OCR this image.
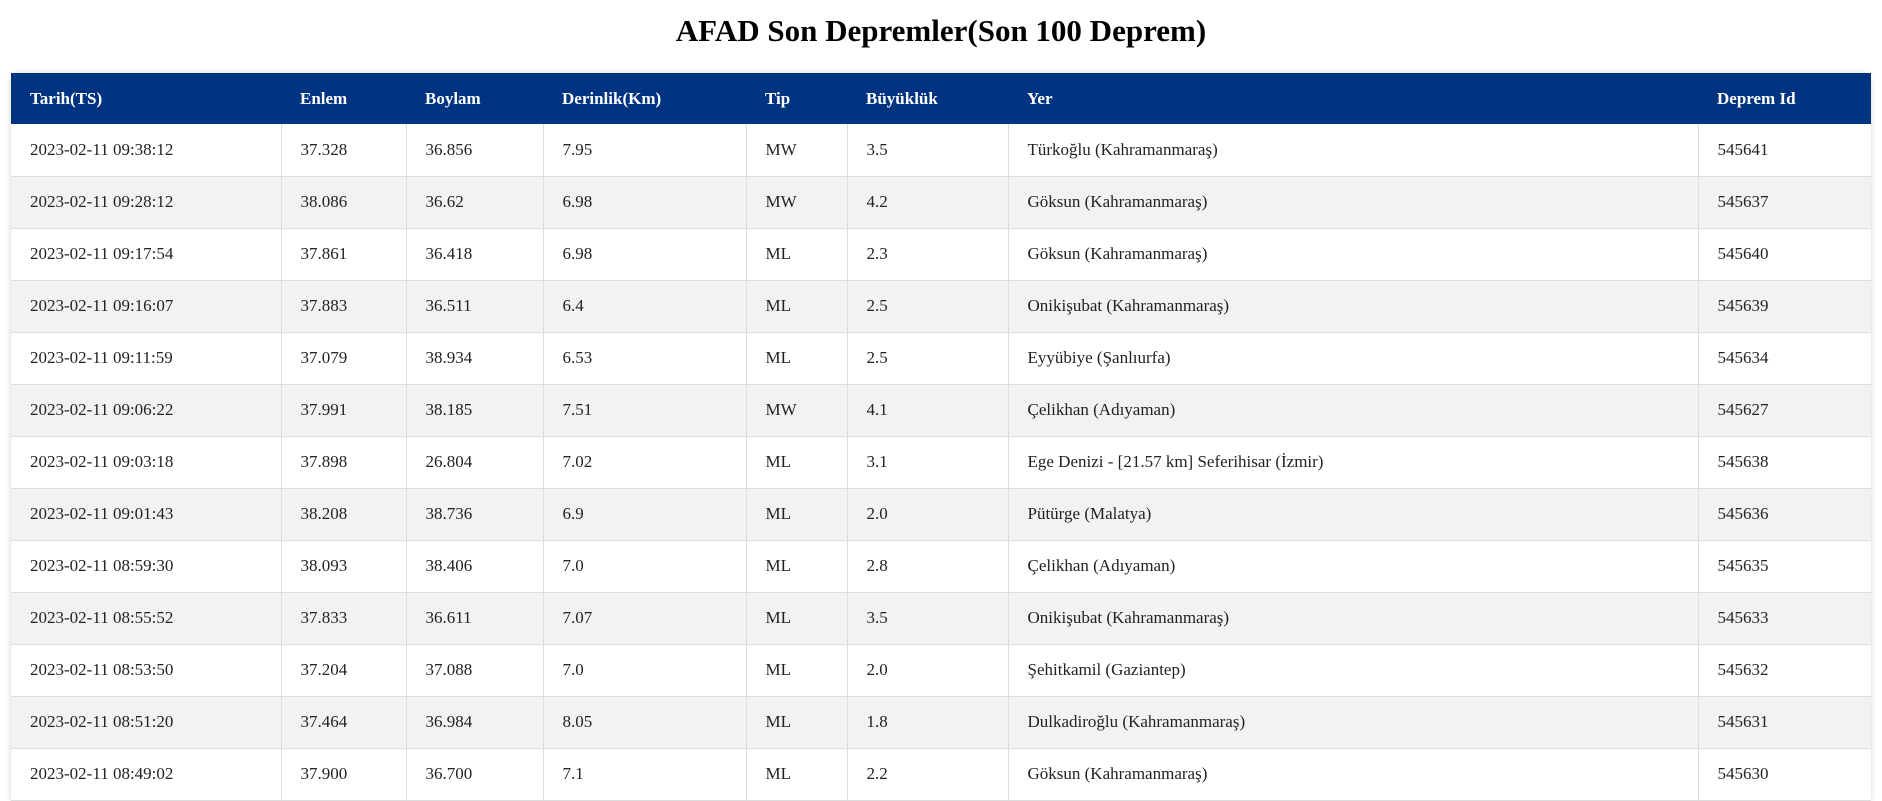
AFAD Son Depremler(Son 100 Deprem)
Tarih(TS)	Enlem	Boylam	Derinlik(Km)	Tip	Büyüklük	Yer	Deprem Id
2023-02-11 09:38:12	37.328	36.856	7.95	MW	3.5	Türkoğlu (Kahramanmaraş)	545641
2023-02-11 09:28:12	38.086	36.62	6.98	MW	4.2	Göksun (Kahramanmaraş)	545637
2023-02-11 09:17:54	37.861	36.418	6.98	ML	2.3	Göksun (Kahramanmaraş)	545640
2023-02-11 09:16:07	37.883	36.511	6.4	ML	2.5	Onikişubat (Kahramanmaraş)	545639
2023-02-11 09:11:59	37.079	38.934	6.53	ML	2.5	Eyyübiye (Şanlıurfa)	545634
2023-02-11 09:06:22	37.991	38.185	7.51	MW	4.1	Çelikhan (Adıyaman)	545627
2023-02-11 09:03:18	37.898	26.804	7.02	ML	3.1	Ege Denizi - [21.57 km] Seferihisar (İzmir)	545638
2023-02-11 09:01:43	38.208	38.736	6.9	ML	2.0	Pütürge (Malatya)	545636
2023-02-11 08:59:30	38.093	38.406	7.0	ML	2.8	Çelikhan (Adıyaman)	545635
2023-02-11 08:55:52	37.833	36.611	7.07	ML	3.5	Onikişubat (Kahramanmaraş)	545633
2023-02-11 08:53:50	37.204	37.088	7.0	ML	2.0	Şehitkamil (Gaziantep)	545632
2023-02-11 08:51:20	37.464	36.984	8.05	ML	1.8	Dulkadiroğlu (Kahramanmaraş)	545631
2023-02-11 08:49:02	37.900	36.700	7.1	ML	2.2	Göksun (Kahramanmaraş)	545630
